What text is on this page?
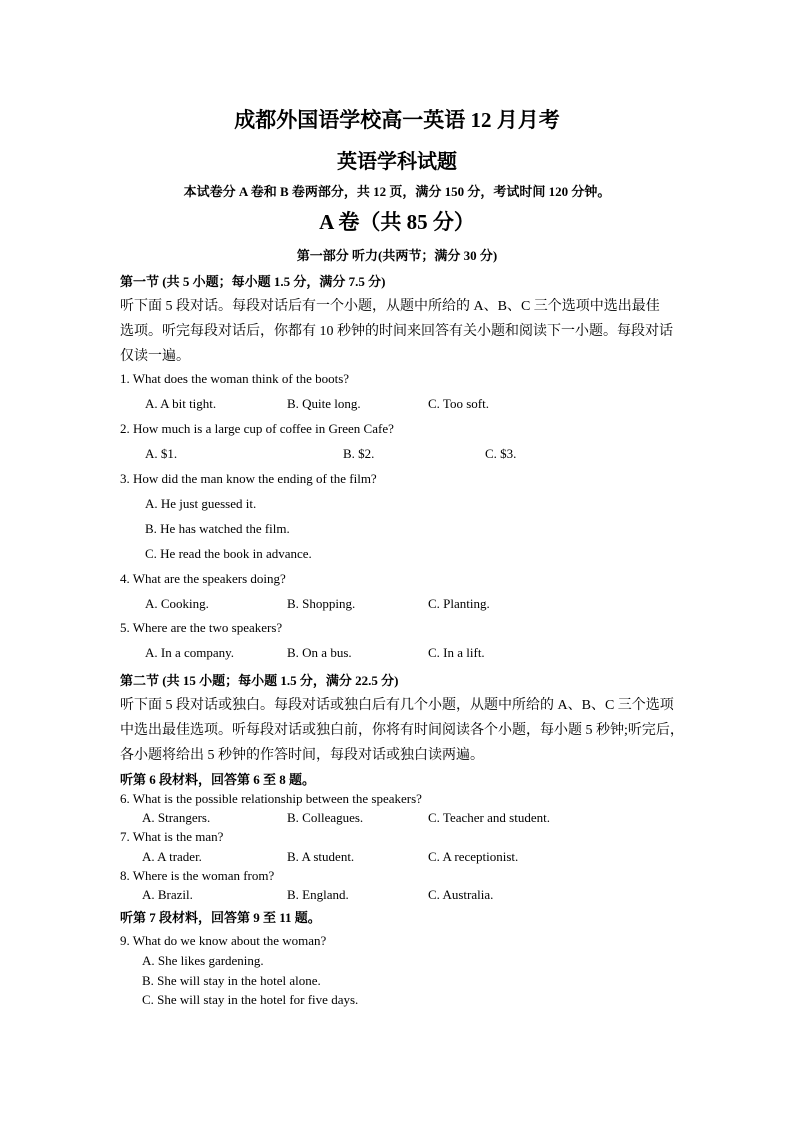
成都外国语学校高一英语 12 月月考
英语学科试题
本试卷分 A 卷和 B 卷两部分，共 12 页，满分 150 分，考试时间 120 分钟。
A 卷（共 85 分）
第一部分 听力(共两节；满分 30 分)
第一节 (共 5 小题；每小题 1.5 分，满分 7.5 分)
听下面 5 段对话。每段对话后有一个小题，从题中所给的 A、B、C 三个选项中选出最佳
选项。听完每段对话后，你都有 10 秒钟的时间来回答有关小题和阅读下一小题。每段对话
仅读一遍。
1. What does the woman think of the boots?
A. A bit tight.	B. Quite long.	C. Too soft.
2. How much is a large cup of coffee in Green Cafe?
A. $1.	B. $2.	C. $3.
3. How did the man know the ending of the film?
A. He just guessed it.
B. He has watched the film.
C. He read the book in advance.
4. What are the speakers doing?
A. Cooking.	B. Shopping.	C. Planting.
5. Where are the two speakers?
A. In a company.	B. On a bus.	C. In a lift.
第二节 (共 15 小题；每小题 1.5 分，满分 22.5 分)
听下面 5 段对话或独白。每段对话或独白后有几个小题，从题中所给的 A、B、C 三个选项
中选出最佳选项。听每段对话或独白前，你将有时间阅读各个小题，每小题 5 秒钟;听完后，
各小题将给出 5 秒钟的作答时间，每段对话或独白读两遍。
听第 6 段材料，回答第 6 至 8 题。
6. What is the possible relationship between the speakers?
A. Strangers.	B. Colleagues.	C. Teacher and student.
7. What is the man?
A. A trader.	B. A student.	C. A receptionist.
8. Where is the woman from?
A. Brazil.	B. England.	C. Australia.
听第 7 段材料，回答第 9 至 11 题。
9. What do we know about the woman?
A. She likes gardening.
B. She will stay in the hotel alone.
C. She will stay in the hotel for five days.
